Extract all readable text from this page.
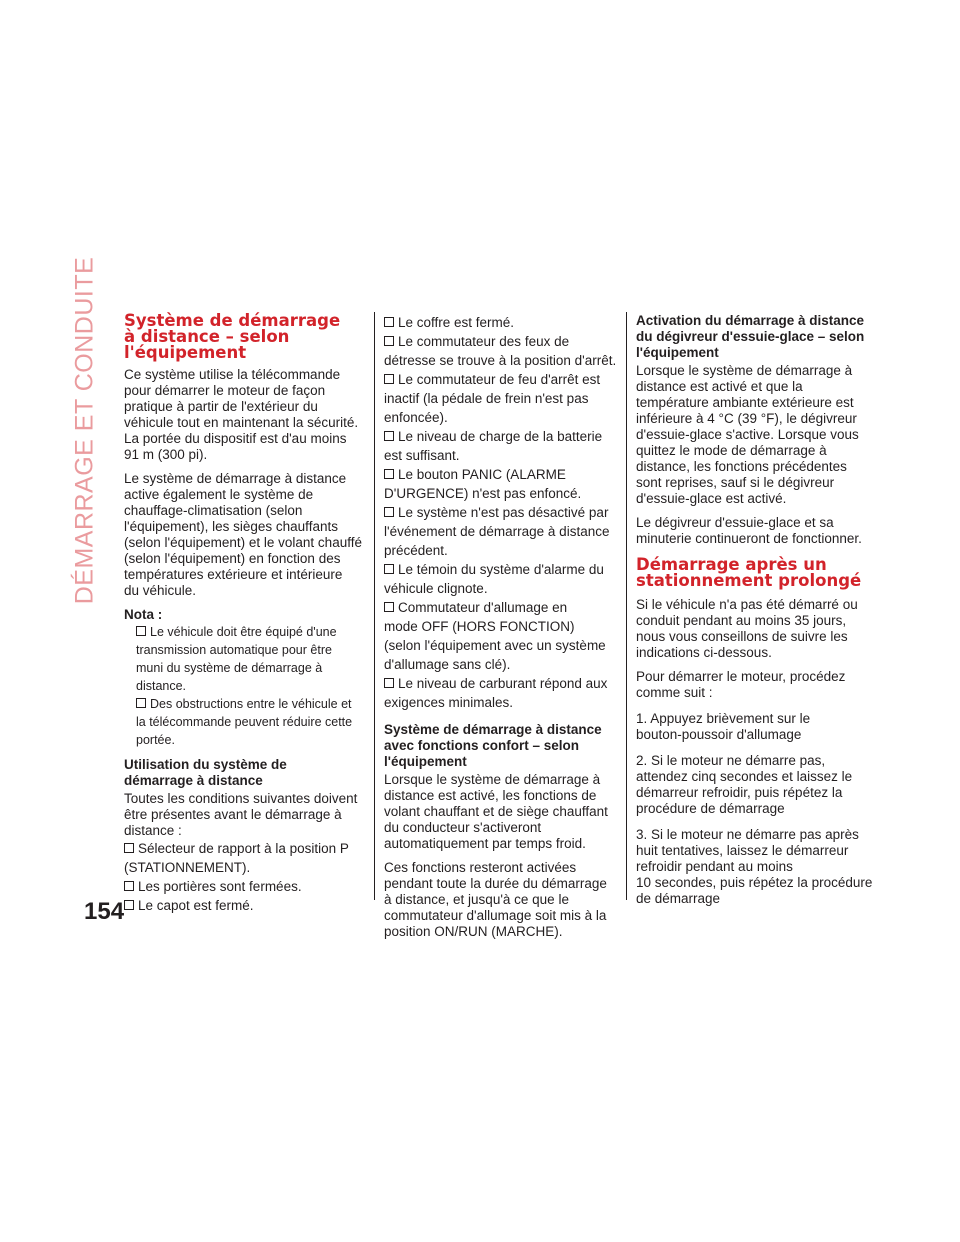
DÉMARRAGE ET CONDUITE Système de démarrage
à distance – selon
l'équipement

Ce système utilise la télécommande
pour démarrer le moteur de façon
pratique à partir de l'extérieur du
véhicule tout en maintenant la sécurité.
La portée du dispositif est d'au moins
91 m (300 pi).

Le système de démarrage à distance
active également le système de
chauffage-climatisation (selon
l'équipement), les sièges chauffants
(selon l'équipement) et le volant chauffé
(selon l'équipement) en fonction des
températures extérieure et intérieure
du véhicule.

Nota :
Le véhicule doit être équipé d'une
transmission automatique pour être
muni du système de démarrage à
distance.
Des obstructions entre le véhicule et
la télécommande peuvent réduire cette
portée.
Utilisation du système de
démarrage à distance

Toutes les conditions suivantes doivent
être présentes avant le démarrage à
distance :

Sélecteur de rapport à la position P
(STATIONNEMENT).
Les portières sont fermées.
Le capot est fermé.
Le coffre est fermé.
Le commutateur des feux de
détresse se trouve à la position d'arrêt.
Le commutateur de feu d'arrêt est
inactif (la pédale de frein n'est pas
enfoncée).
Le niveau de charge de la batterie
est suffisant.
Le bouton PANIC (ALARME
D'URGENCE) n'est pas enfoncé.
Le système n'est pas désactivé par
l'événement de démarrage à distance
précédent.
Le témoin du système d'alarme du
véhicule clignote.
Commutateur d'allumage en
mode OFF (HORS FONCTION)
(selon l'équipement avec un système
d'allumage sans clé).
Le niveau de carburant répond aux
exigences minimales.
Système de démarrage à distance
avec fonctions confort – selon
l'équipement

Lorsque le système de démarrage à
distance est activé, les fonctions de
volant chauffant et de siège chauffant
du conducteur s'activeront
automatiquement par temps froid.

Ces fonctions resteront activées
pendant toute la durée du démarrage
à distance, et jusqu'à ce que le
commutateur d'allumage soit mis à la
position ON/RUN (MARCHE).

Activation du démarrage à distance
du dégivreur d'essuie-glace – selon
l'équipement

Lorsque le système de démarrage à
distance est activé et que la
température ambiante extérieure est
inférieure à 4 °C (39 °F), le dégivreur
d'essuie-glace s'active. Lorsque vous
quittez le mode de démarrage à
distance, les fonctions précédentes
sont reprises, sauf si le dégivreur
d'essuie-glace est activé.

Le dégivreur d'essuie-glace et sa
minuterie continueront de fonctionner.

Démarrage après un
stationnement prolongé

Si le véhicule n'a pas été démarré ou
conduit pendant au moins 35 jours,
nous vous conseillons de suivre les
indications ci-dessous.

Pour démarrer le moteur, procédez
comme suit :

1. Appuyez brièvement sur le
bouton-poussoir d'allumage

2. Si le moteur ne démarre pas,
attendez cinq secondes et laissez le
démarreur refroidir, puis répétez la
procédure de démarrage

3. Si le moteur ne démarre pas après
huit tentatives, laissez le démarreur
refroidir pendant au moins
10 secondes, puis répétez la procédure
de démarrage

154
